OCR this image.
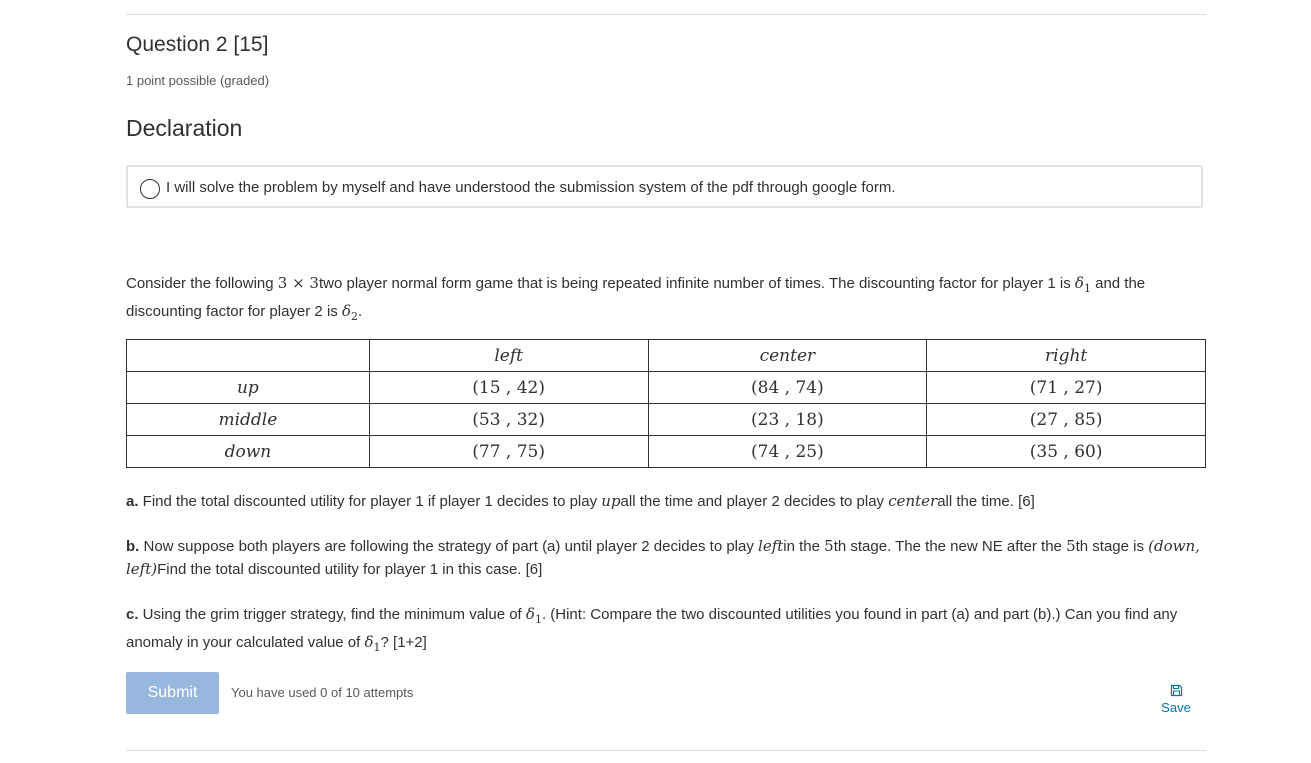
Question 2 [15]
1 point possible (graded)
Declaration
I will solve the problem by myself and have understood the submission system of the pdf through google form.
Consider the following 3 × 3two player normal form game that is being repeated infinite number of times. The discounting factor for player 1 is $\delta_1$ and the discounting factor for player 2 is $\delta_2$.
	left	center	right
up	(15 , 42)	(84 , 74)	(71 , 27)
middle	(53 , 32)	(23 , 18)	(27 , 85)
down	(77 , 75)	(74 , 25)	(35 , 60)
a. Find the total discounted utility for player 1 if player 1 decides to play upall the time and player 2 decides to play centerall the time. [6]
b. Now suppose both players are following the strategy of part (a) until player 2 decides to play leftin the 5th stage. The the new NE after the 5th stage is (down, left)Find the total discounted utility for player 1 in this case. [6]
c. Using the grim trigger strategy, find the minimum value of $\delta_1$. (Hint: Compare the two discounted utilities you found in part (a) and part (b).) Can you find any anomaly in your calculated value of $\delta_1$? [1+2]
Submit	You have used 0 of 10 attempts
Save
